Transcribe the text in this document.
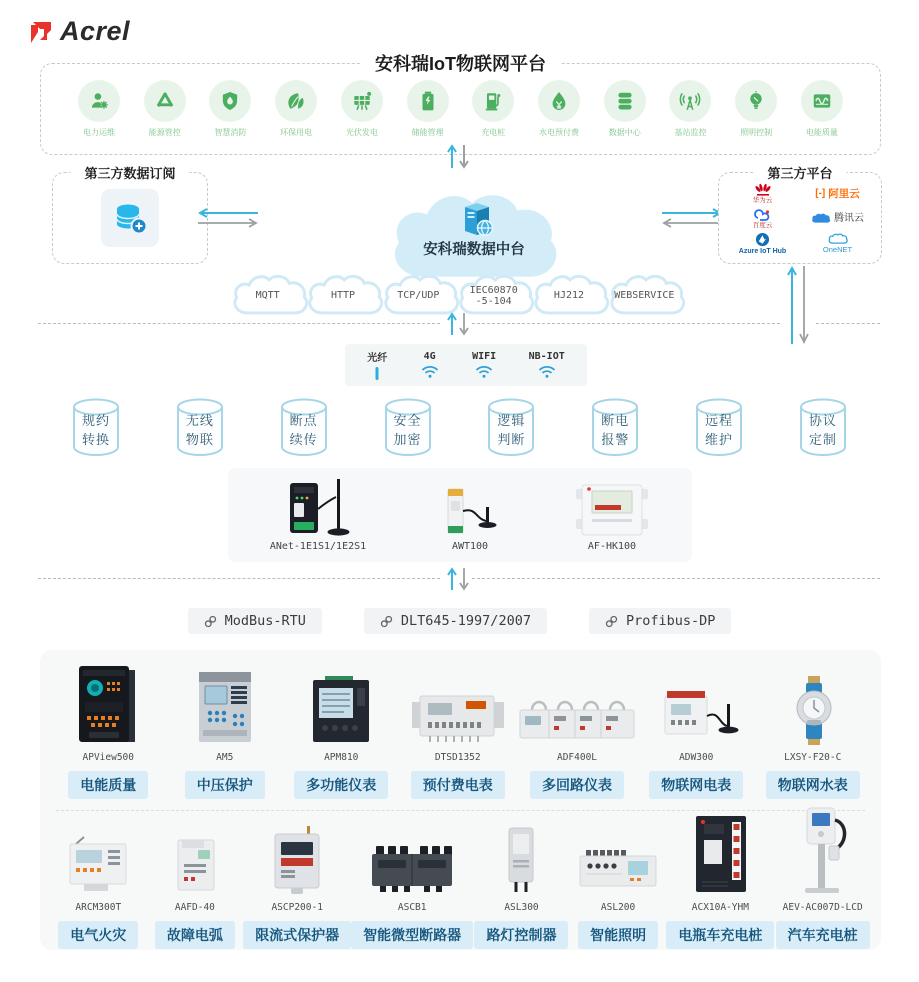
Acrel
安科瑞IoT物联网平台
电力运维	能源管控	智慧消防	环保用电	光伏发电	储能管理	充电桩	水电预付费	数据中心	基站监控	照明控制	电能质量
第三方数据订阅
安科瑞数据中台
第三方平台
华为云
[-] 阿里云
百度云
腾讯云
Azure IoT Hub	OneNET
MQTT	HTTP	TCP/UDP
IEC60870
-5-104
HJ212	WEBSERVICE
光纤	4G	WIFI	NB-IOT
规约
转换
无线
物联
断点
续传
安全
加密
逻辑
判断
断电
报警
远程
维护
协议
定制
ANet-1E1S1/1E2S1	AWT100	AF-HK100
ModBus-RTU	DLT645-1997/2007	Profibus-DP
APView500
电能质量
AM5
中压保护
APM810
多功能仪表
DTSD1352
预付费电表
ADF400L
多回路仪表
ADW300
物联网电表
LXSY-F20-C
物联网水表
ARCM300T
电气火灾
AAFD-40
故障电弧
ASCP200-1
限流式保护器
ASCB1
智能微型断路器
ASL300
路灯控制器
ASL200
智能照明
ACX10A-YHM
电瓶车充电桩
AEV-AC007D-LCD
汽车充电桩
